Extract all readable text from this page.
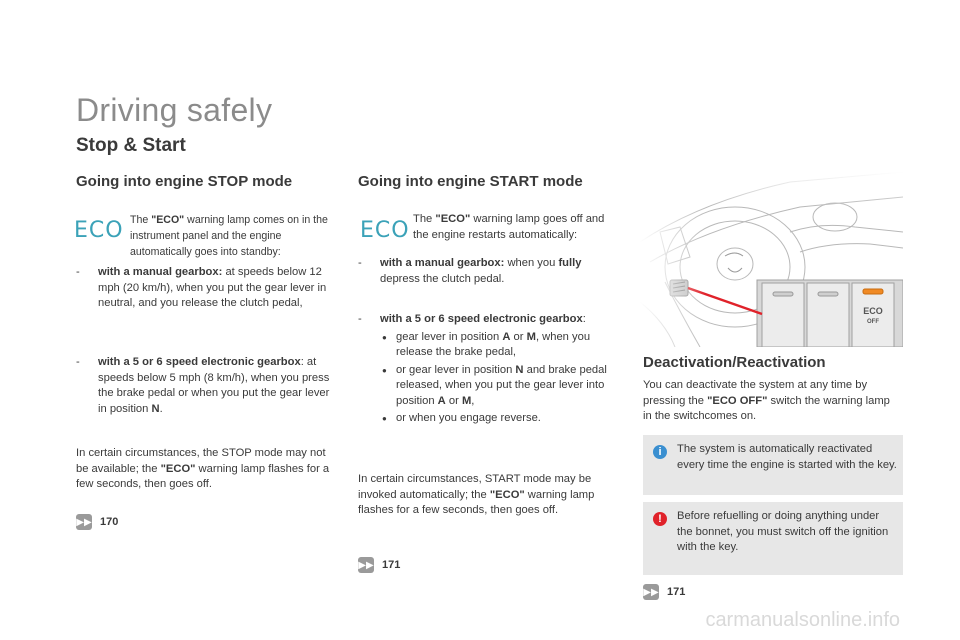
Driving safely
Stop & Start
Going into engine STOP mode
ECO The "ECO" warning lamp comes on in the instrument panel and the engine automatically goes into standby:
-	with a manual gearbox: at speeds below 12 mph (20 km/h), when you put the gear lever in neutral, and you release the clutch pedal,
-	with a 5 or 6 speed electronic gearbox: at speeds below 5 mph (8 km/h), when you press the brake pedal or when you put the gear lever in position N.
In certain circumstances, the STOP mode may not be available; the "ECO" warning lamp flashes for a few seconds, then goes off.
▶▶ 170
Going into engine START mode
ECO The "ECO" warning lamp goes off and the engine restarts automatically:
-	with a manual gearbox: when you fully depress the clutch pedal.
-	with a 5 or 6 speed electronic gearbox:
● gear lever in position A or M, when you release the brake pedal,
● or gear lever in position N and brake pedal released, when you put the gear lever into position A or M,
● or when you engage reverse.
In certain circumstances, START mode may be invoked automatically; the "ECO" warning lamp flashes for a few seconds, then goes off.
▶▶ 171
Deactivation/Reactivation
You can deactivate the system at any time by pressing the "ECO OFF" switch the warning lamp in the switchcomes on.
i	The system is automatically reactivated every time the engine is started with the key.
!	Before refuelling or doing anything under the bonnet, you must switch off the ignition with the key.
▶▶ 171
carmanualsonline.info
